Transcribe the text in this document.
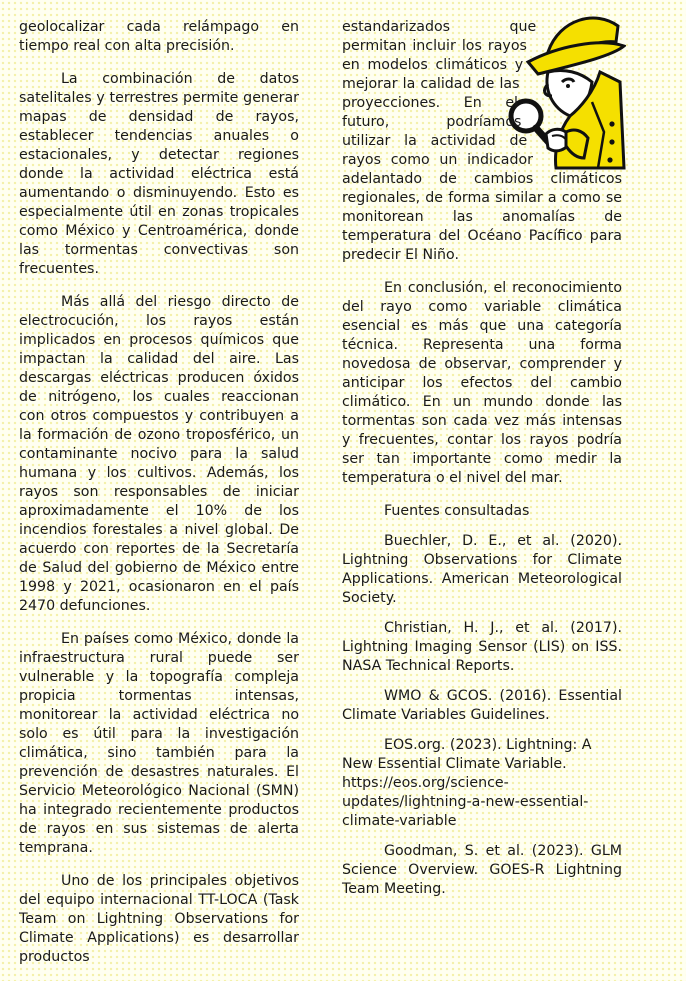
geolocalizar cada relámpago en tiempo real con alta precisión.

La combinación de datos satelitales y terrestres permite generar mapas de densidad de rayos, establecer tendencias anuales o estacionales, y detectar regiones donde la actividad eléctrica está aumentando o disminuyendo. Esto es especialmente útil en zonas tropicales como México y Centroamérica, donde las tormentas convectivas son frecuentes.

Más allá del riesgo directo de electrocución, los rayos están implicados en procesos químicos que impactan la calidad del aire. Las descargas eléctricas producen óxidos de nitrógeno, los cuales reaccionan con otros compuestos y contribuyen a la formación de ozono troposférico, un contaminante nocivo para la salud humana y los cultivos. Además, los rayos son responsables de iniciar aproximadamente el 10% de los incendios forestales a nivel global. De acuerdo con reportes de la Secretaría de Salud del gobierno de México entre 1998 y 2021, ocasionaron en el país 2470 defunciones.

En países como México, donde la infraestructura rural puede ser vulnerable y la topografía compleja propicia tormentas intensas, monitorear la actividad eléctrica no solo es útil para la investigación climática, sino también para la prevención de desastres naturales. El Servicio Meteorológico Nacional (SMN) ha integrado recientemente productos de rayos en sus sistemas de alerta temprana.

Uno de los principales objetivos del equipo internacional TT-LOCA (Task Team on Lightning Observations for Climate Applications) es desarrollar productos

estandarizados que permitan incluir los rayos en modelos climáticos y mejorar la calidad de las proyecciones. En el futuro, podríamos utilizar la actividad de rayos como un indicador adelantado de cambios climáticos regionales, de forma similar a como se monitorean las anomalías de temperatura del Océano Pacífico para predecir El Niño.

En conclusión, el reconocimiento del rayo como variable climática esencial es más que una categoría técnica. Representa una forma novedosa de observar, comprender y anticipar los efectos del cambio climático. En un mundo donde las tormentas son cada vez más intensas y frecuentes, contar los rayos podría ser tan importante como medir la temperatura o el nivel del mar.

Fuentes consultadas

Buechler, D. E., et al. (2020). Lightning Observations for Climate Applications. American Meteorological Society.

Christian, H. J., et al. (2017). Lightning Imaging Sensor (LIS) on ISS. NASA Technical Reports.

WMO & GCOS. (2016). Essential Climate Variables Guidelines.

EOS.org. (2023). Lightning: A New Essential Climate Variable. https://eos.org/science-updates/lightning-a-new-essential-climate-variable

Goodman, S. et al. (2023). GLM Science Overview. GOES-R Lightning Team Meeting.
